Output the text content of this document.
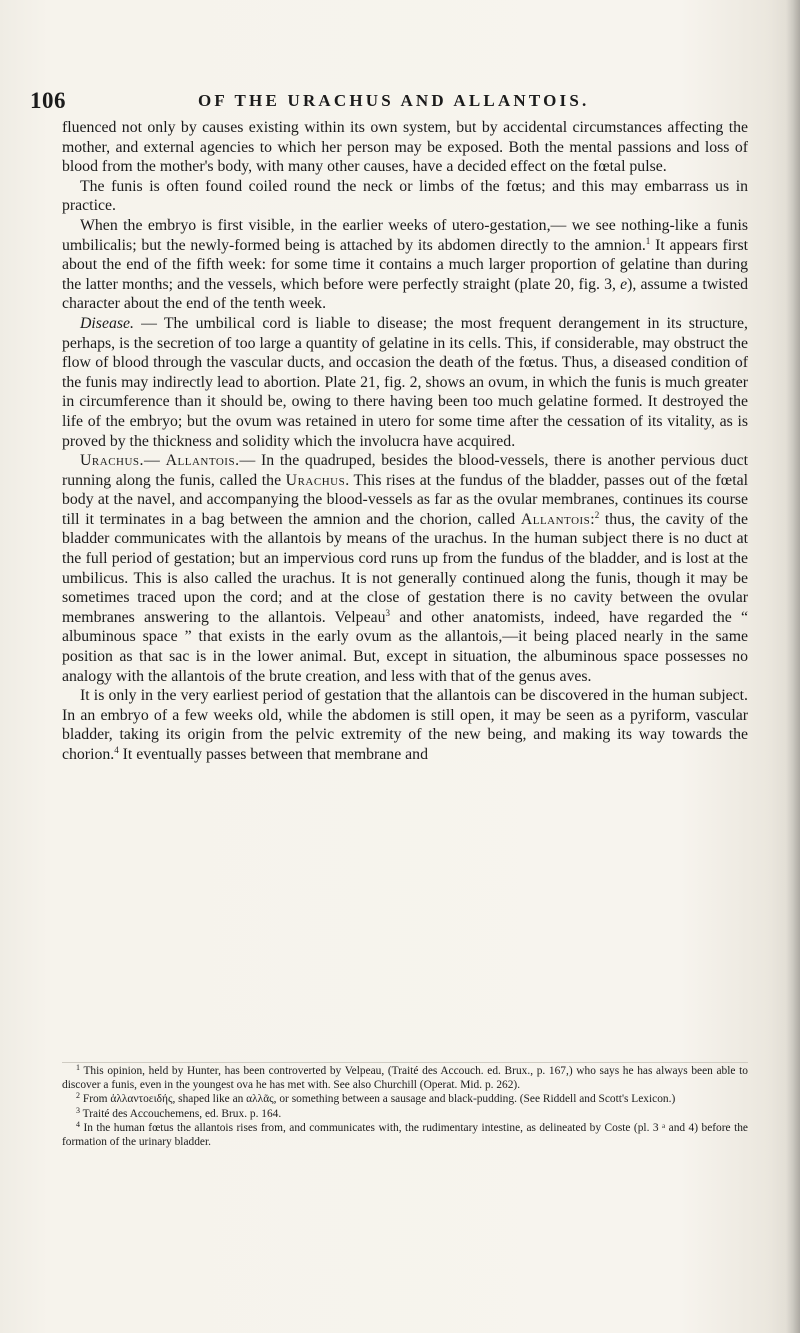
106	OF THE URACHUS AND ALLANTOIS.

fluenced not only by causes existing within its own system, but by accidental circumstances affecting the mother, and external agencies to which her person may be exposed. Both the mental passions and loss of blood from the mother's body, with many other causes, have a decided effect on the fœtal pulse.

The funis is often found coiled round the neck or limbs of the fœtus; and this may embarrass us in practice.

When the embryo is first visible, in the earlier weeks of utero-gestation,— we see nothing-like a funis umbilicalis; but the newly-formed being is attached by its abdomen directly to the amnion.$^1$ It appears first about the end of the fifth week: for some time it contains a much larger proportion of gelatine than during the latter months; and the vessels, which before were perfectly straight (plate 20, fig. 3, e), assume a twisted character about the end of the tenth week.

Disease. — The umbilical cord is liable to disease; the most frequent derangement in its structure, perhaps, is the secretion of too large a quantity of gelatine in its cells. This, if considerable, may obstruct the flow of blood through the vascular ducts, and occasion the death of the fœtus. Thus, a diseased condition of the funis may indirectly lead to abortion. Plate 21, fig. 2, shows an ovum, in which the funis is much greater in circumference than it should be, owing to there having been too much gelatine formed. It destroyed the life of the embryo; but the ovum was retained in utero for some time after the cessation of its vitality, as is proved by the thickness and solidity which the involucra have acquired.

Urachus.— Allantois.— In the quadruped, besides the blood-vessels, there is another pervious duct running along the funis, called the Urachus. This rises at the fundus of the bladder, passes out of the fœtal body at the navel, and accompanying the blood-vessels as far as the ovular membranes, continues its course till it terminates in a bag between the amnion and the chorion, called Allantois:$^2$ thus, the cavity of the bladder communicates with the allantois by means of the urachus. In the human subject there is no duct at the full period of gestation; but an impervious cord runs up from the fundus of the bladder, and is lost at the umbilicus. This is also called the urachus. It is not generally continued along the funis, though it may be sometimes traced upon the cord; and at the close of gestation there is no cavity between the ovular membranes answering to the allantois. Velpeau$^3$ and other anatomists, indeed, have regarded the “ albuminous space ” that exists in the early ovum as the allantois,—it being placed nearly in the same position as that sac is in the lower animal. But, except in situation, the albuminous space possesses no analogy with the allantois of the brute creation, and less with that of the genus aves.

It is only in the very earliest period of gestation that the allantois can be discovered in the human subject. In an embryo of a few weeks old, while the abdomen is still open, it may be seen as a pyriform, vascular bladder, taking its origin from the pelvic extremity of the new being, and making its way towards the chorion.$^4$ It eventually passes between that membrane and

$^1$ This opinion, held by Hunter, has been controverted by Velpeau, (Traité des Accouch. ed. Brux., p. 167,) who says he has always been able to discover a funis, even in the youngest ova he has met with. See also Churchill (Operat. Mid. p. 262).

$^2$ From ἀλλαντοειδής, shaped like an αλλᾶς, or something between a sausage and black-pudding. (See Riddell and Scott's Lexicon.)

$^3$ Traité des Accouchemens, ed. Brux. p. 164.

$^4$ In the human fœtus the allantois rises from, and communicates with, the rudimentary intestine, as delineated by Coste (pl. 3 ᵃ and 4) before the formation of the urinary bladder.
